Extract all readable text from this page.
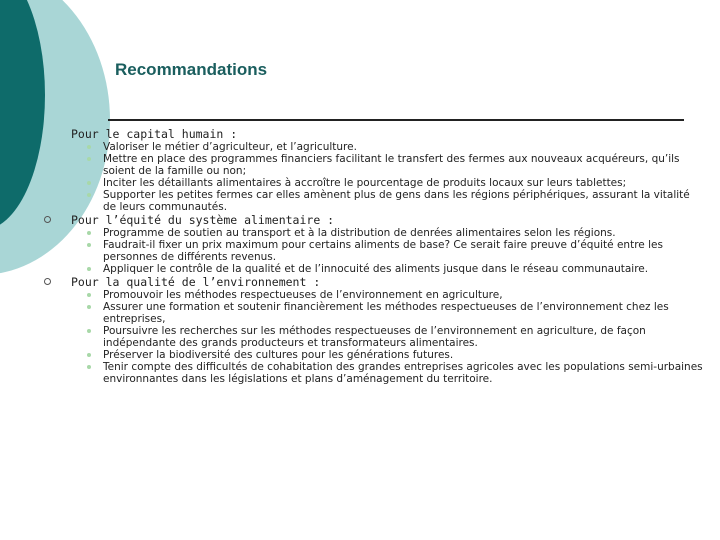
Recommandations
Pour le capital humain :
Valoriser le métier d’agriculteur, et l’agriculture.
Mettre en place des programmes financiers facilitant le transfert des fermes aux nouveaux acquéreurs, qu’ils soient de la famille ou non;
Inciter les détaillants alimentaires à accroître le pourcentage de produits locaux sur leurs tablettes;
Supporter les petites fermes car elles amènent plus de gens dans les régions périphériques, assurant la vitalité de leurs communautés.
Pour l’équité du système alimentaire :
Programme de soutien au transport et à la distribution de denrées alimentaires selon les régions.
Faudrait-il fixer un prix maximum pour certains aliments de base? Ce serait faire preuve d’équité entre les personnes de différents revenus.
Appliquer le contrôle de la qualité et de l’innocuité des aliments jusque dans le réseau communautaire.
Pour la qualité de l’environnement :
Promouvoir les méthodes respectueuses de l’environnement en agriculture,
Assurer une formation et soutenir financièrement les méthodes respectueuses de l’environnement chez les entreprises,
Poursuivre les recherches sur les méthodes respectueuses de l’environnement en agriculture, de façon indépendante des grands producteurs et transformateurs alimentaires.
Préserver la biodiversité des cultures pour les générations futures.
Tenir compte des difficultés de cohabitation des grandes entreprises agricoles avec les populations semi-urbaines environnantes dans les législations et plans d’aménagement du territoire.
